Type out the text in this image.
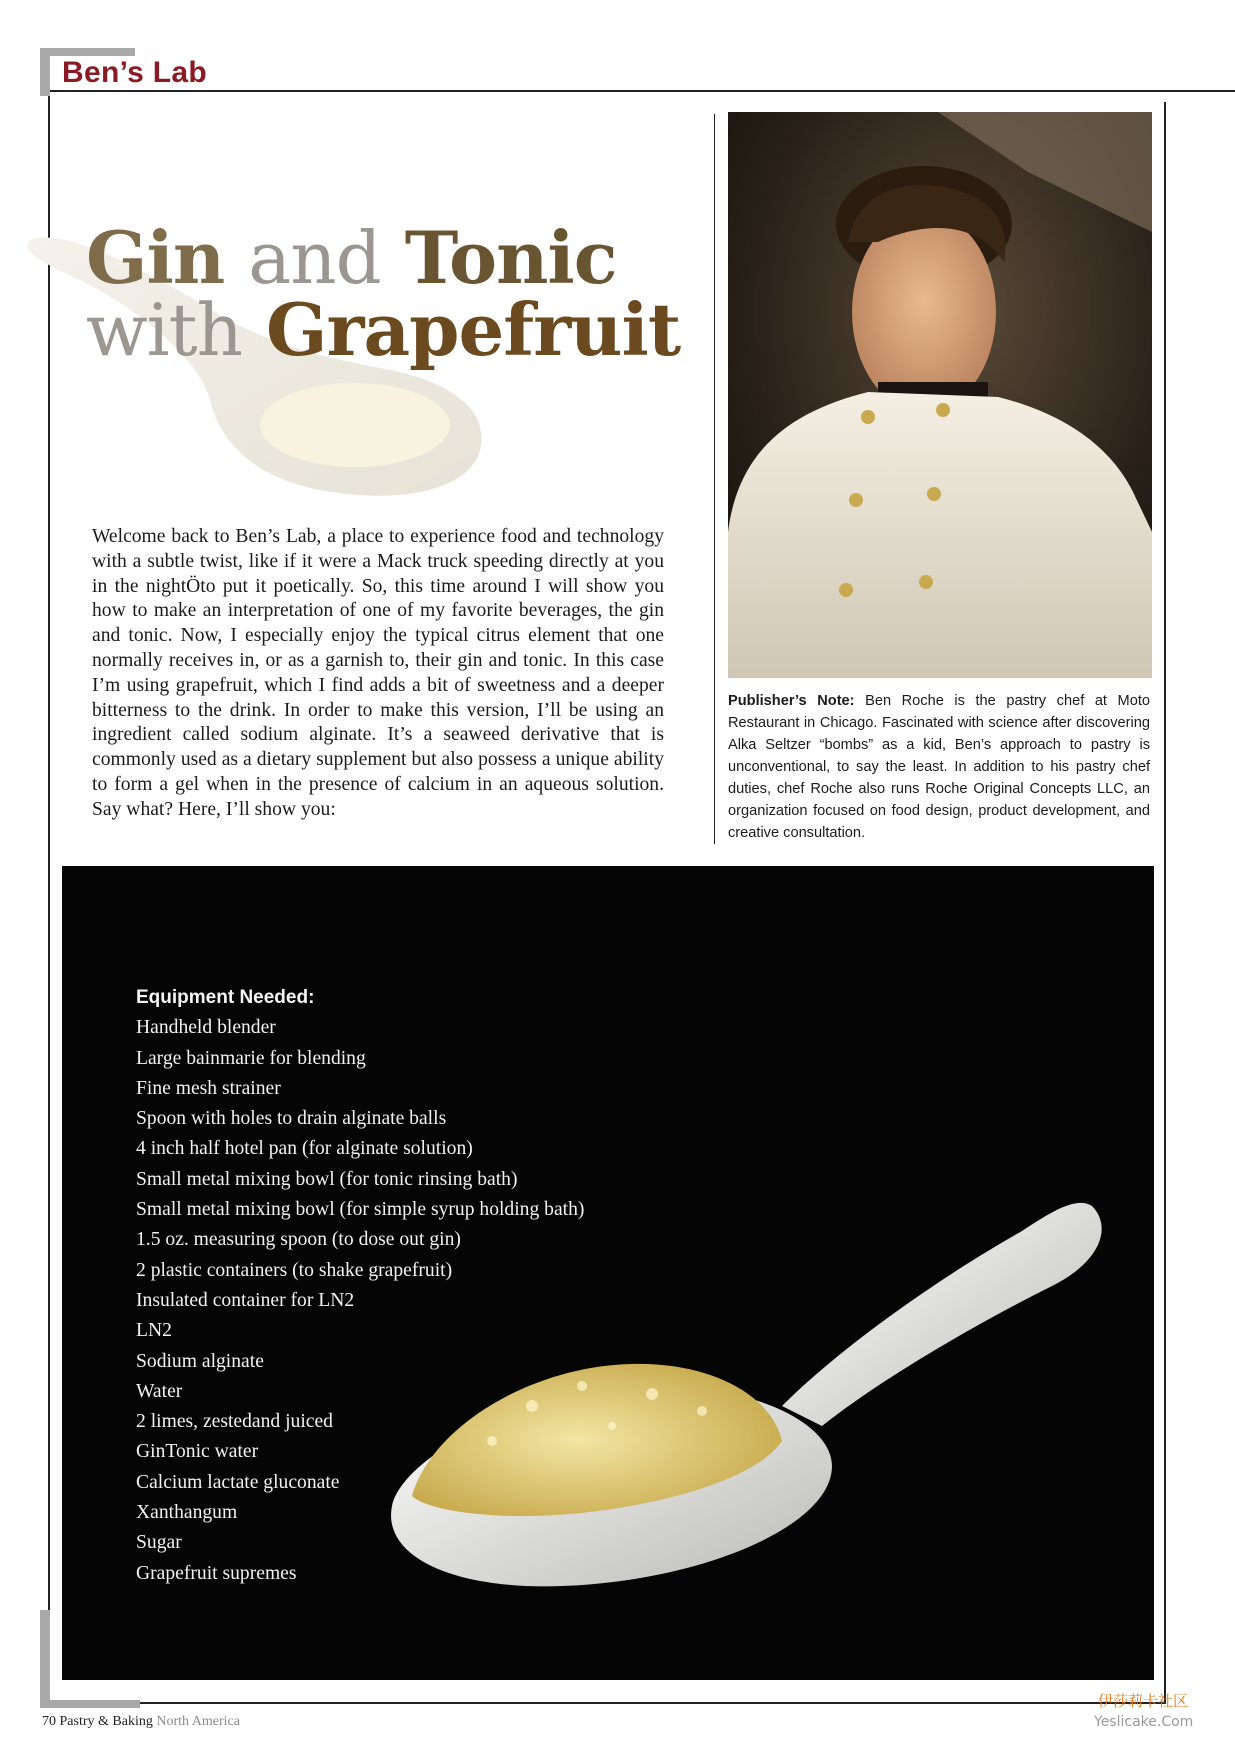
Ben’s Lab
Gin and Tonic
with Grapefruit
Welcome back to Ben’s Lab, a place to experience food and technology with a subtle twist, like if it were a Mack truck speeding directly at you in the nightÖto put it poetically. So, this time around I will show you how to make an interpretation of one of my favorite beverages, the gin and tonic. Now, I especially enjoy the typical citrus element that one normally receives in, or as a garnish to, their gin and tonic. In this case I’m using grapefruit, which I find adds a bit of sweetness and a deeper bitterness to the drink. In order to make this version, I’ll be using an ingredient called sodium alginate. It’s a seaweed derivative that is commonly used as a dietary supplement but also possess a unique ability to form a gel when in the presence of calcium in an aqueous solution. Say what? Here, I’ll show you:
Publisher’s Note: Ben Roche is the pastry chef at Moto Restaurant in Chicago. Fascinated with science after discovering Alka Seltzer “bombs” as a kid, Ben’s approach to pastry is unconventional, to say the least. In addition to his pastry chef duties, chef Roche also runs Roche Original Concepts LLC, an organization focused on food design, product development, and creative consultation.
Equipment Needed:
Handheld blender
Large bainmarie for blending
Fine mesh strainer
Spoon with holes to drain alginate balls
4 inch half hotel pan (for alginate solution)
Small metal mixing bowl (for tonic rinsing bath)
Small metal mixing bowl (for simple syrup holding bath)
1.5 oz. measuring spoon (to dose out gin)
2 plastic containers (to shake grapefruit)
Insulated container for LN2
LN2
Sodium alginate
Water
2 limes, zestedand juiced
GinTonic water
Calcium lactate gluconate
Xanthangum
Sugar
Grapefruit supremes
70 Pastry & Baking North America
伊莎莉卡社区
Yeslicake.Com
